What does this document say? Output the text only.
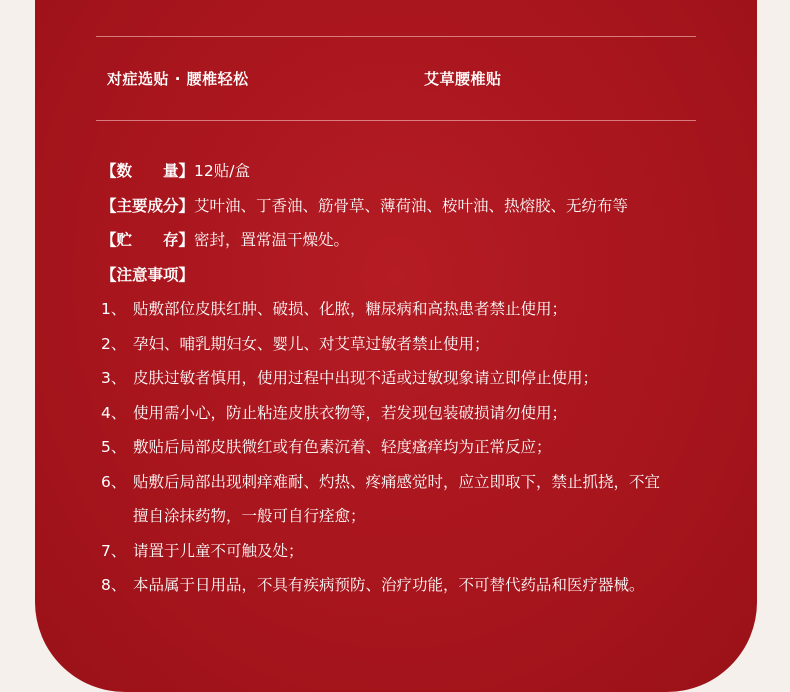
对症选贴 · 腰椎轻松	艾草腰椎贴
【数 量】12贴/盒
【主要成分】艾叶油、丁香油、筋骨草、薄荷油、桉叶油、热熔胶、无纺布等
【贮 存】密封，置常温干燥处。
【注意事项】
1、 贴敷部位皮肤红肿、破损、化脓，糖尿病和高热患者禁止使用；
2、 孕妇、哺乳期妇女、婴儿、对艾草过敏者禁止使用；
3、 皮肤过敏者慎用，使用过程中出现不适或过敏现象请立即停止使用；
4、 使用需小心，防止粘连皮肤衣物等，若发现包装破损请勿使用；
5、 敷贴后局部皮肤微红或有色素沉着、轻度瘙痒均为正常反应；
6、 贴敷后局部出现刺痒难耐、灼热、疼痛感觉时，应立即取下，禁止抓挠，不宜
擅自涂抹药物，一般可自行痊愈；
7、 请置于儿童不可触及处；
8、 本品属于日用品，不具有疾病预防、治疗功能，不可替代药品和医疗器械。
